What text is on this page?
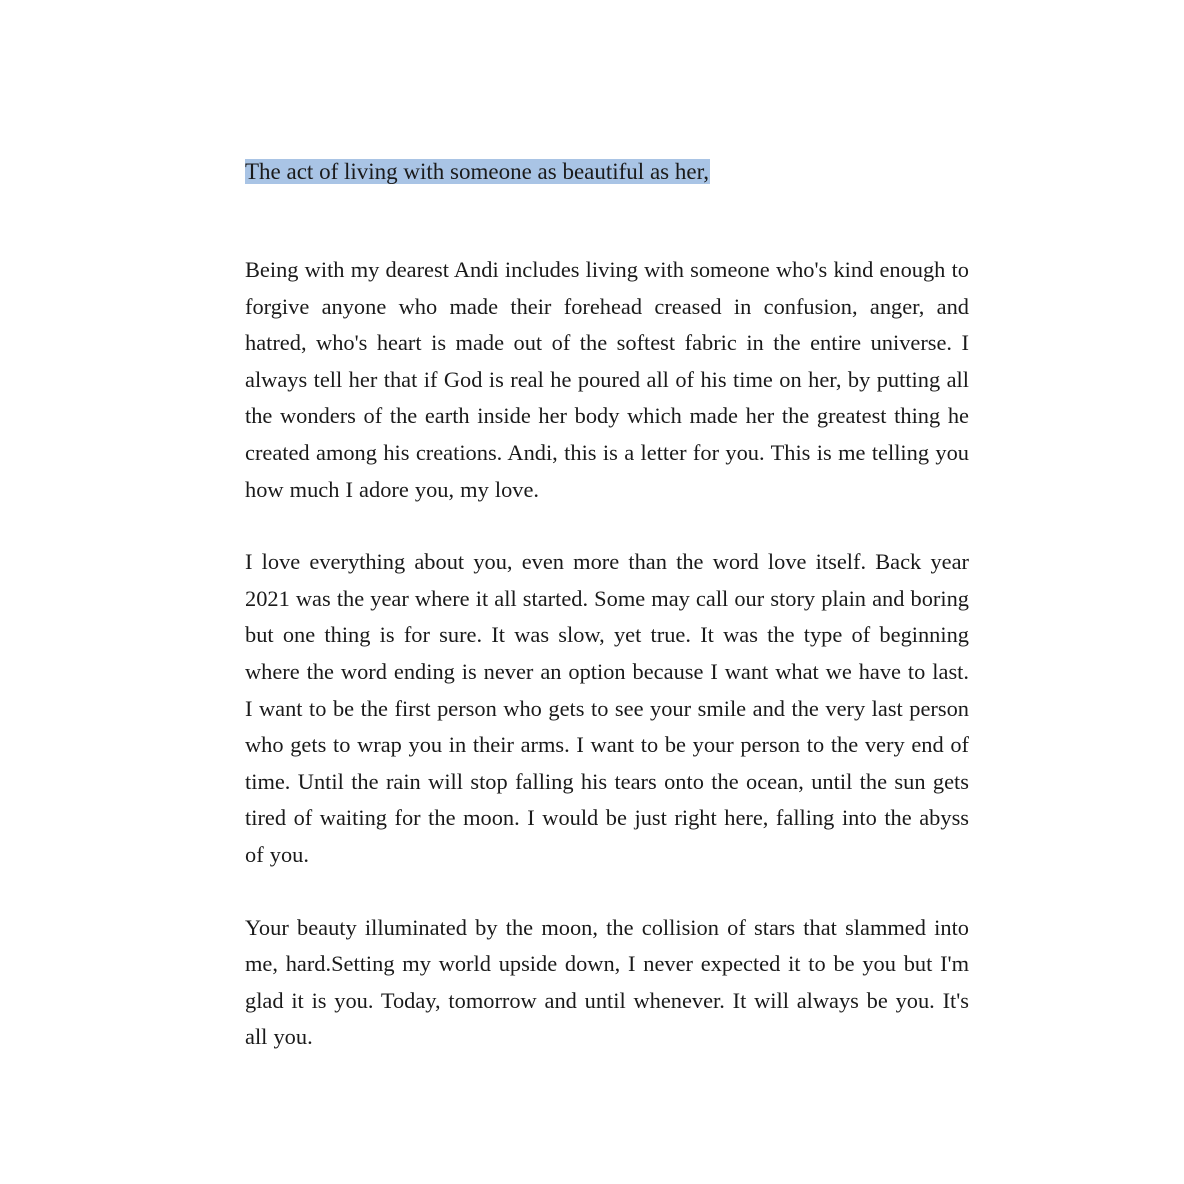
The act of living with someone as beautiful as her,

Being with my dearest Andi includes living with someone who's kind enough to forgive anyone who made their forehead creased in confusion, anger, and hatred, who's heart is made out of the softest fabric in the entire universe. I always tell her that if God is real he poured all of his time on her, by putting all the wonders of the earth inside her body which made her the greatest thing he created among his creations. Andi, this is a letter for you. This is me telling you how much I adore you, my love.

I love everything about you, even more than the word love itself. Back year 2021 was the year where it all started. Some may call our story plain and boring but one thing is for sure. It was slow, yet true. It was the type of beginning where the word ending is never an option because I want what we have to last. I want to be the first person who gets to see your smile and the very last person who gets to wrap you in their arms. I want to be your person to the very end of time. Until the rain will stop falling his tears onto the ocean, until the sun gets tired of waiting for the moon. I would be just right here, falling into the abyss of you.

Your beauty illuminated by the moon, the collision of stars that slammed into me, hard.Setting my world upside down, I never expected it to be you but I'm glad it is you. Today, tomorrow and until whenever. It will always be you. It's all you.
